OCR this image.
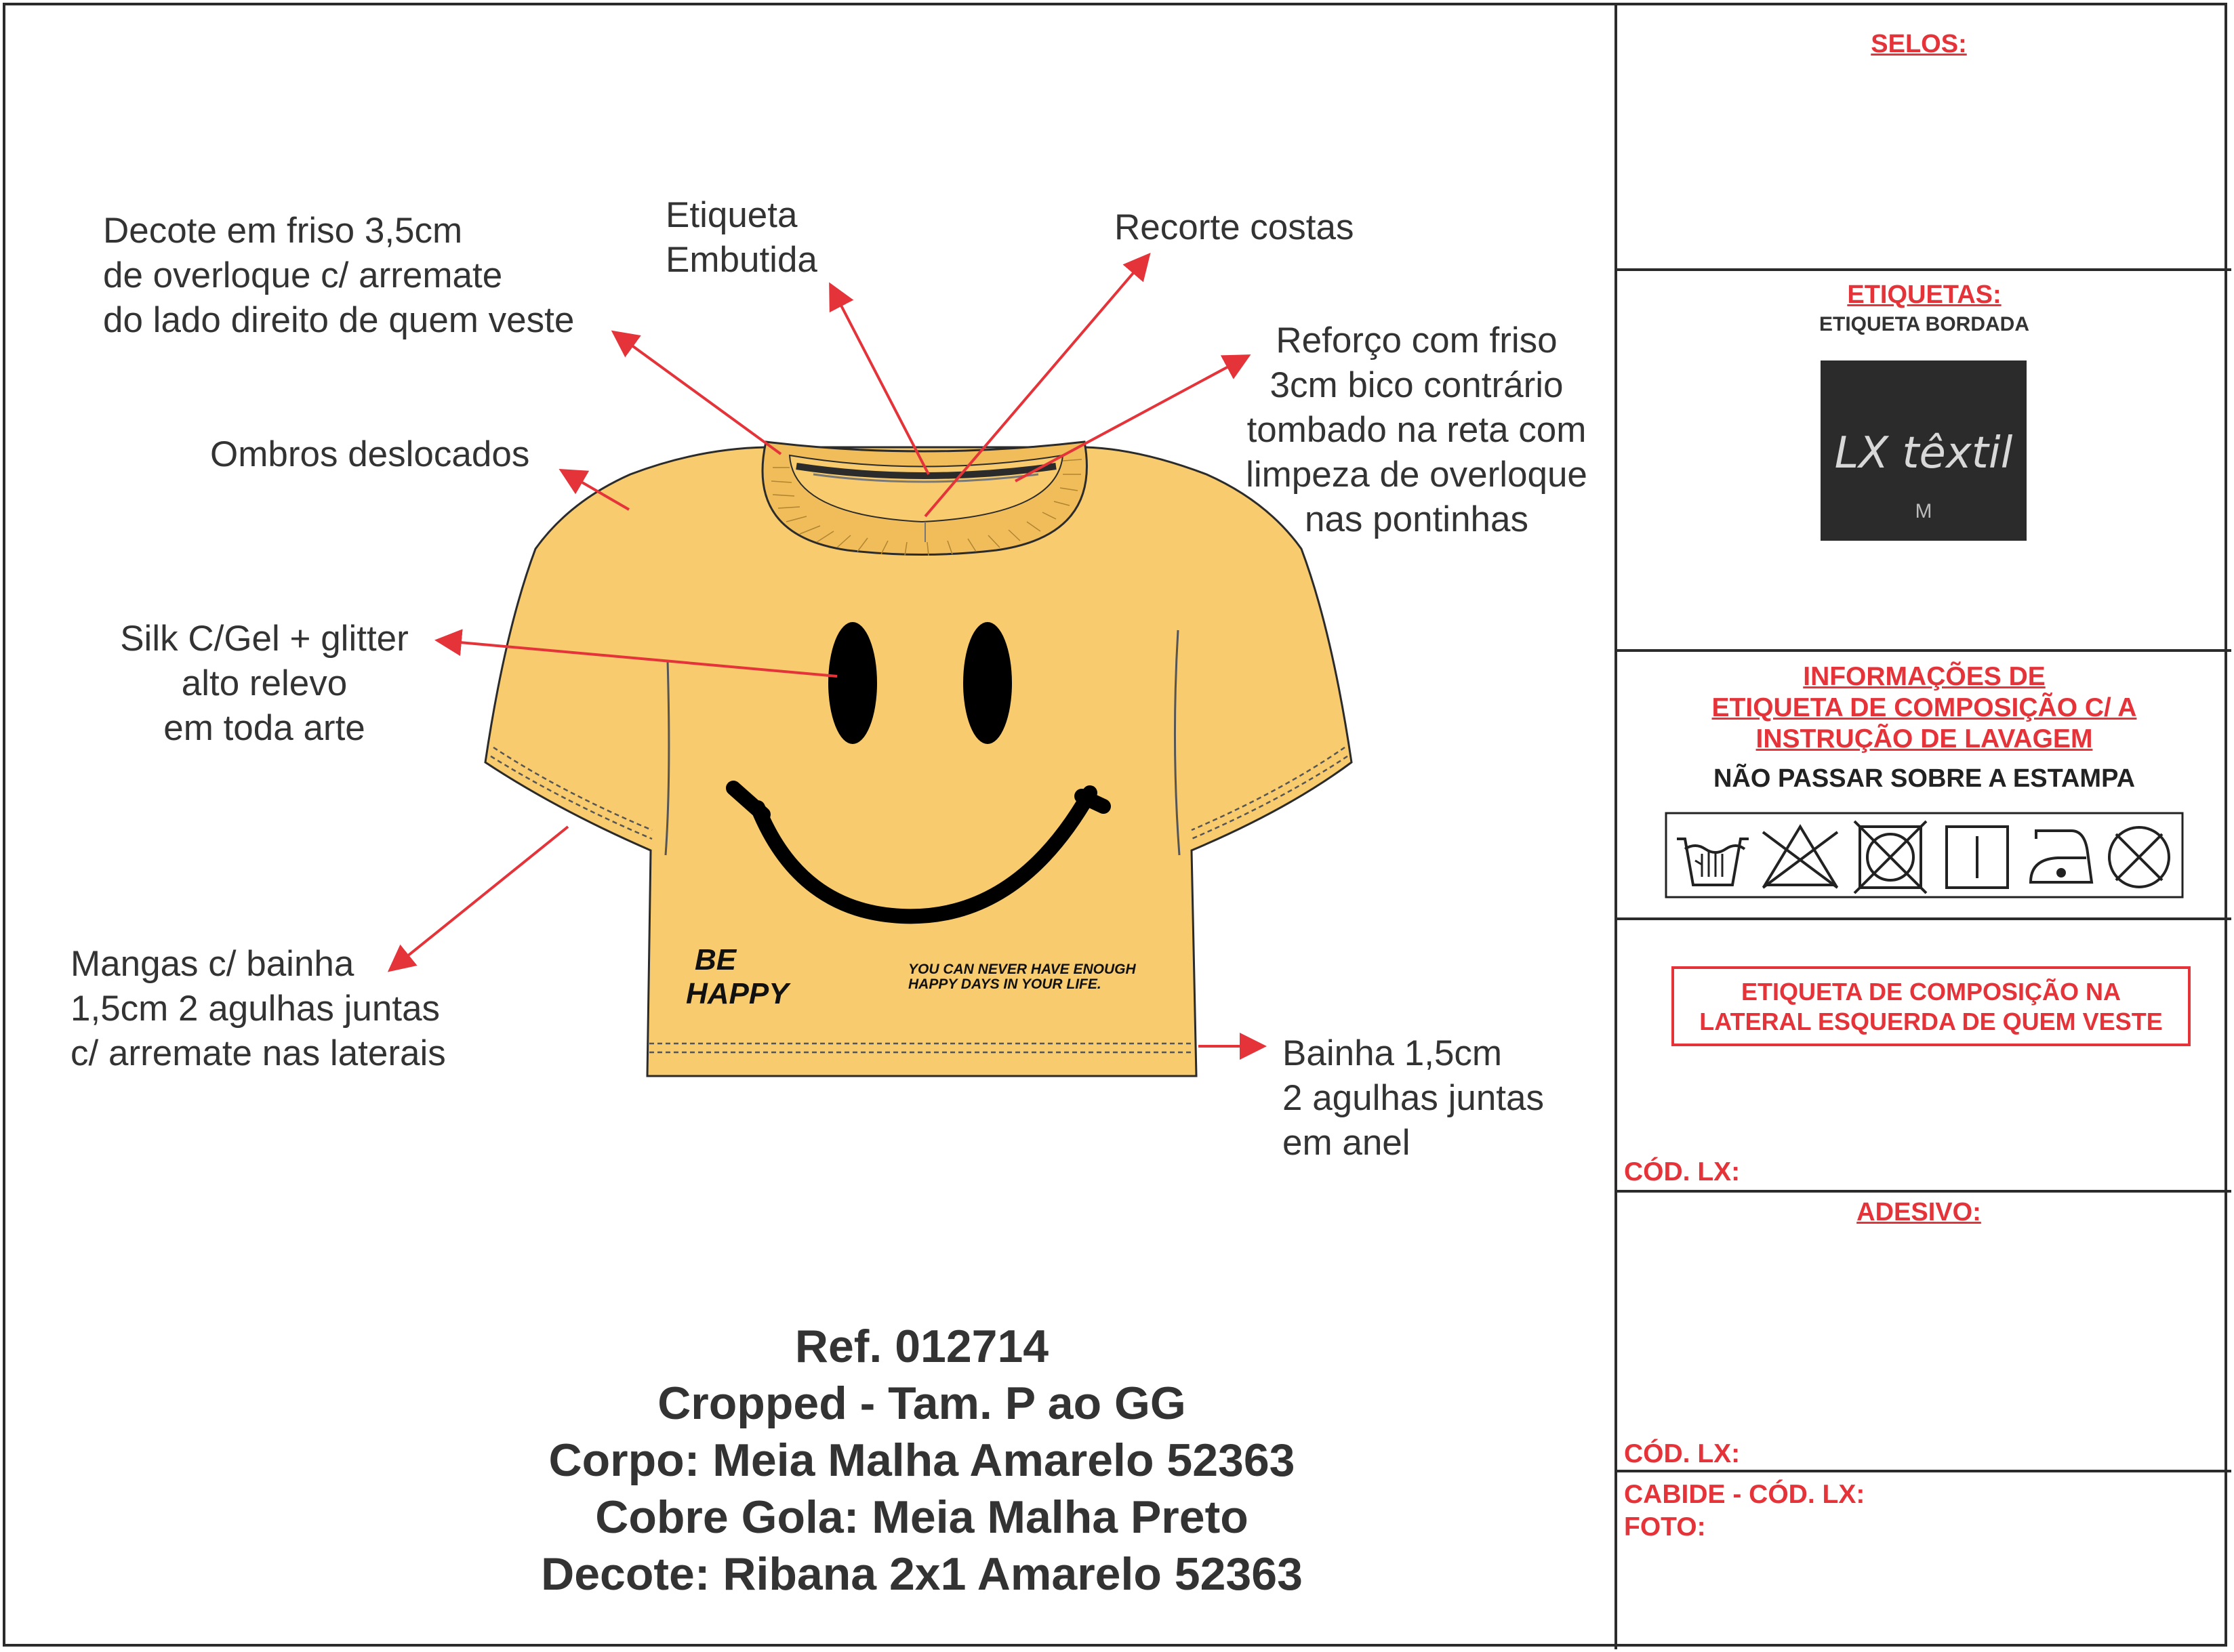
BE
HAPPY
YOU CAN NEVER HAVE ENOUGH
HAPPY DAYS IN YOUR LIFE.
Decote em friso 3,5cm
de overloque c/ arremate
do lado direito de quem veste
Etiqueta
Embutida
Recorte costas
Reforço com friso
3cm bico contrário
tombado na reta com
limpeza de overloque
nas pontinhas
Ombros deslocados
Silk C/Gel + glitter
alto relevo
em toda arte
Mangas c/ bainha
1,5cm 2 agulhas juntas
c/ arremate nas laterais	Bainha 1,5cm
2 agulhas juntas
em anel
Ref. 012714
Cropped - Tam. P ao GG
Corpo: Meia Malha Amarelo 52363
Cobre Gola: Meia Malha Preto
Decote: Ribana 2x1 Amarelo 52363
SELOS:
ETIQUETAS:
ETIQUETA BORDADA
LX têxtil
M
INFORMAÇÕES DE
ETIQUETA DE COMPOSIÇÃO C/ A
INSTRUÇÃO DE LAVAGEM
NÃO PASSAR SOBRE A ESTAMPA
ETIQUETA DE COMPOSIÇÃO NA
LATERAL ESQUERDA DE QUEM VESTE
CÓD. LX:
ADESIVO:
CÓD. LX:
CABIDE - CÓD. LX:
FOTO:
